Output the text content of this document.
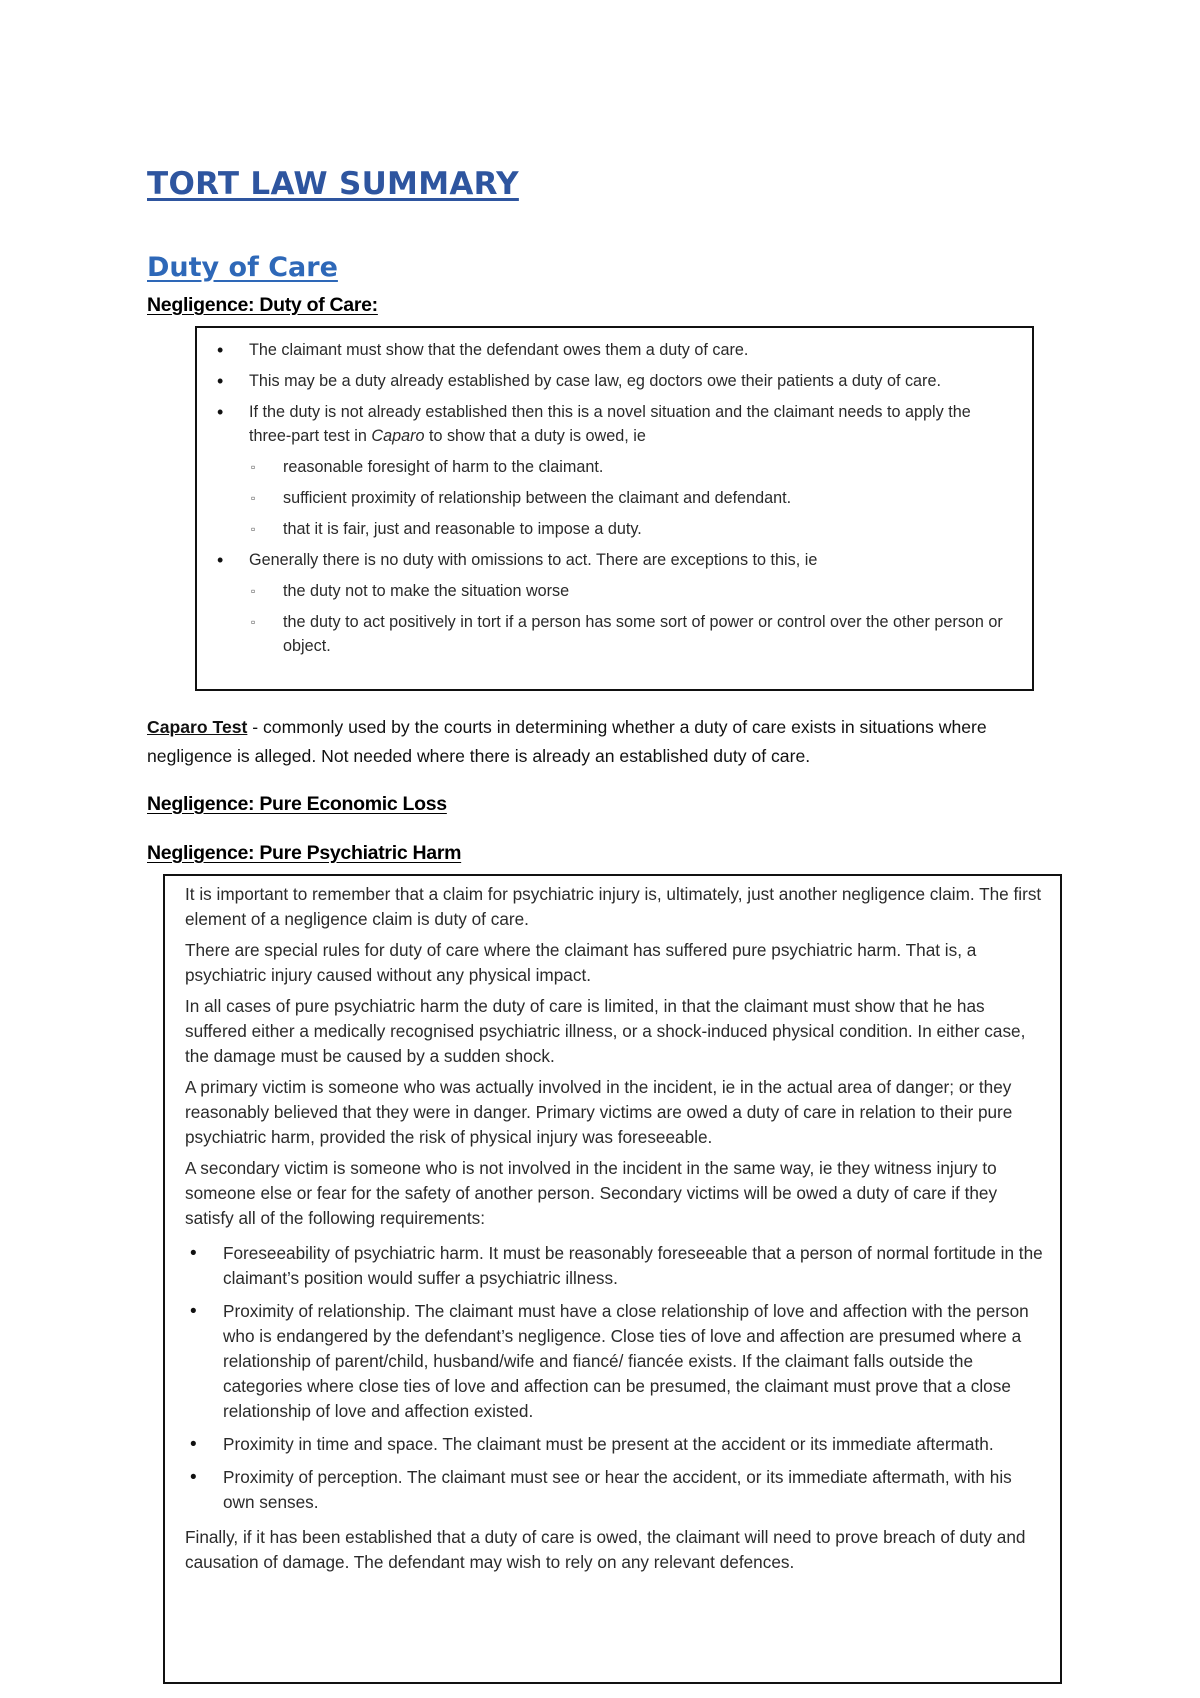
TORT LAW SUMMARY
Duty of Care
Negligence: Duty of Care:
• The claimant must show that the defendant owes them a duty of care.
• This may be a duty already established by case law, eg doctors owe their patients a duty of care.
• If the duty is not already established then this is a novel situation and the claimant needs to apply the three-part test in Caparo to show that a duty is owed, ie
▫ reasonable foresight of harm to the claimant.
▫ sufficient proximity of relationship between the claimant and defendant.
▫ that it is fair, just and reasonable to impose a duty.
• Generally there is no duty with omissions to act. There are exceptions to this, ie
▫ the duty not to make the situation worse
▫ the duty to act positively in tort if a person has some sort of power or control over the other person or object.

Caparo Test - commonly used by the courts in determining whether a duty of care exists in situations where negligence is alleged. Not needed where there is already an established duty of care.

Negligence: Pure Economic Loss
Negligence: Pure Psychiatric Harm

It is important to remember that a claim for psychiatric injury is, ultimately, just another negligence claim. The first element of a negligence claim is duty of care.

There are special rules for duty of care where the claimant has suffered pure psychiatric harm. That is, a psychiatric injury caused without any physical impact.

In all cases of pure psychiatric harm the duty of care is limited, in that the claimant must show that he has suffered either a medically recognised psychiatric illness, or a shock-induced physical condition. In either case, the damage must be caused by a sudden shock.

A primary victim is someone who was actually involved in the incident, ie in the actual area of danger; or they reasonably believed that they were in danger. Primary victims are owed a duty of care in relation to their pure psychiatric harm, provided the risk of physical injury was foreseeable.

A secondary victim is someone who is not involved in the incident in the same way, ie they witness injury to someone else or fear for the safety of another person. Secondary victims will be owed a duty of care if they satisfy all of the following requirements:

• Foreseeability of psychiatric harm. It must be reasonably foreseeable that a person of normal fortitude in the claimant’s position would suffer a psychiatric illness.
• Proximity of relationship. The claimant must have a close relationship of love and affection with the person who is endangered by the defendant’s negligence. Close ties of love and affection are presumed where a relationship of parent/child, husband/wife and fiancé/ fiancée exists. If the claimant falls outside the categories where close ties of love and affection can be presumed, the claimant must prove that a close relationship of love and affection existed.
• Proximity in time and space. The claimant must be present at the accident or its immediate aftermath.
• Proximity of perception. The claimant must see or hear the accident, or its immediate aftermath, with his own senses.

Finally, if it has been established that a duty of care is owed, the claimant will need to prove breach of duty and causation of damage. The defendant may wish to rely on any relevant defences.
